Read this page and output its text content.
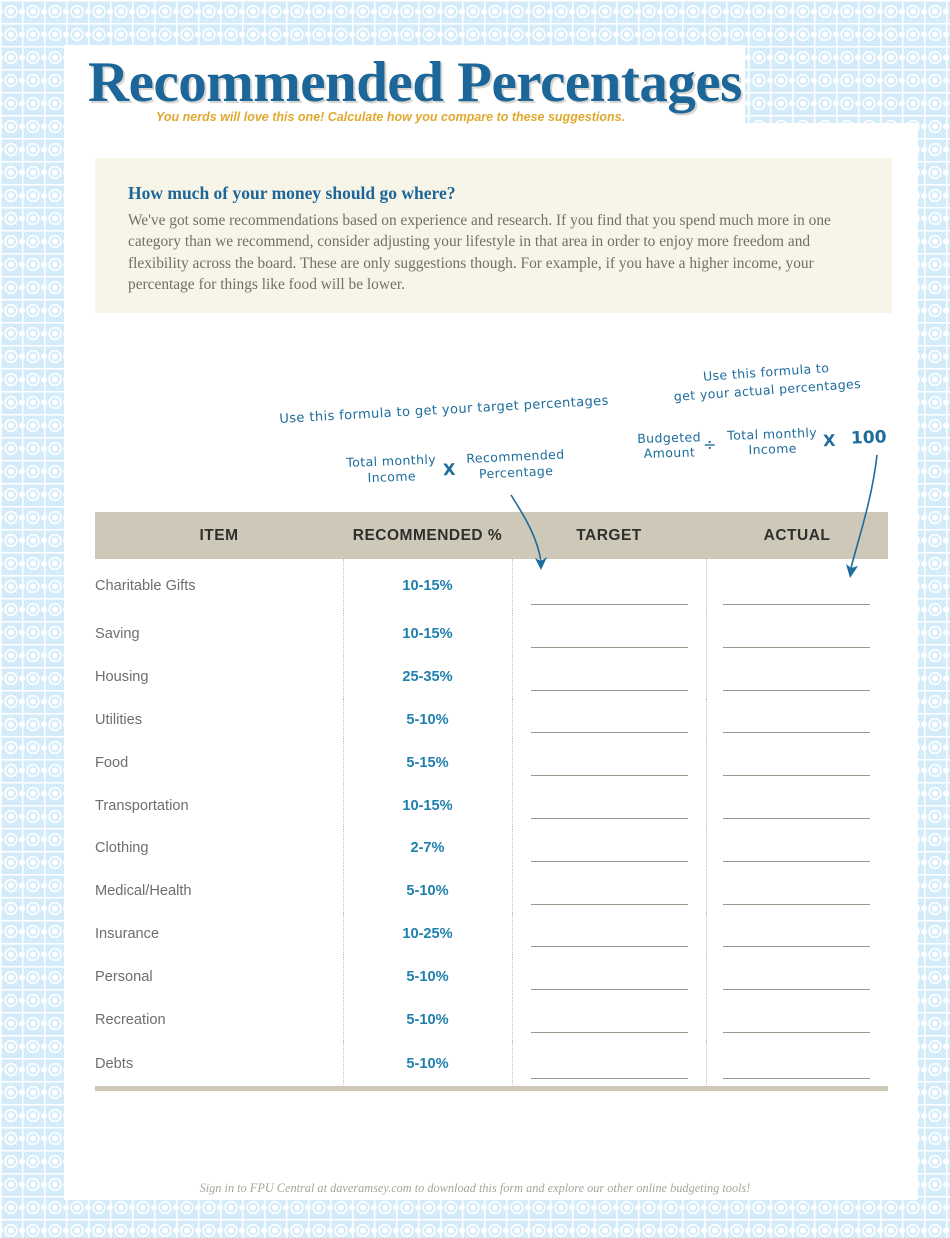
Recommended Percentages
You nerds will love this one! Calculate how you compare to these suggestions.
How much of your money should go where?
We've got some recommendations based on experience and research. If you find that you spend much more in one category than we recommend, consider adjusting your lifestyle in that area in order to enjoy more freedom and flexibility across the board. These are only suggestions though. For example, if you have a higher income, your percentage for things like food will be lower.
Use this formula to get your target percentages
Total monthly
Income	X
Recommended
Percentage
Use this formula to
get your actual percentages
Budgeted
Amount ÷
Total monthly
Income	X 100
ITEM	RECOMMENDED %	TARGET	ACTUAL
Charitable Gifts	10-15%	

Saving	10-15%	

Housing	25-35%	

Utilities	5-10%	

Food	5-15%	

Transportation	10-15%	

Clothing	2-7%	

Medical/Health	5-10%	

Insurance	10-25%	

Personal	5-10%	

Recreation	5-10%	

Debts	5-10%	

Sign in to FPU Central at daveramsey.com to download this form and explore our other online budgeting tools!
